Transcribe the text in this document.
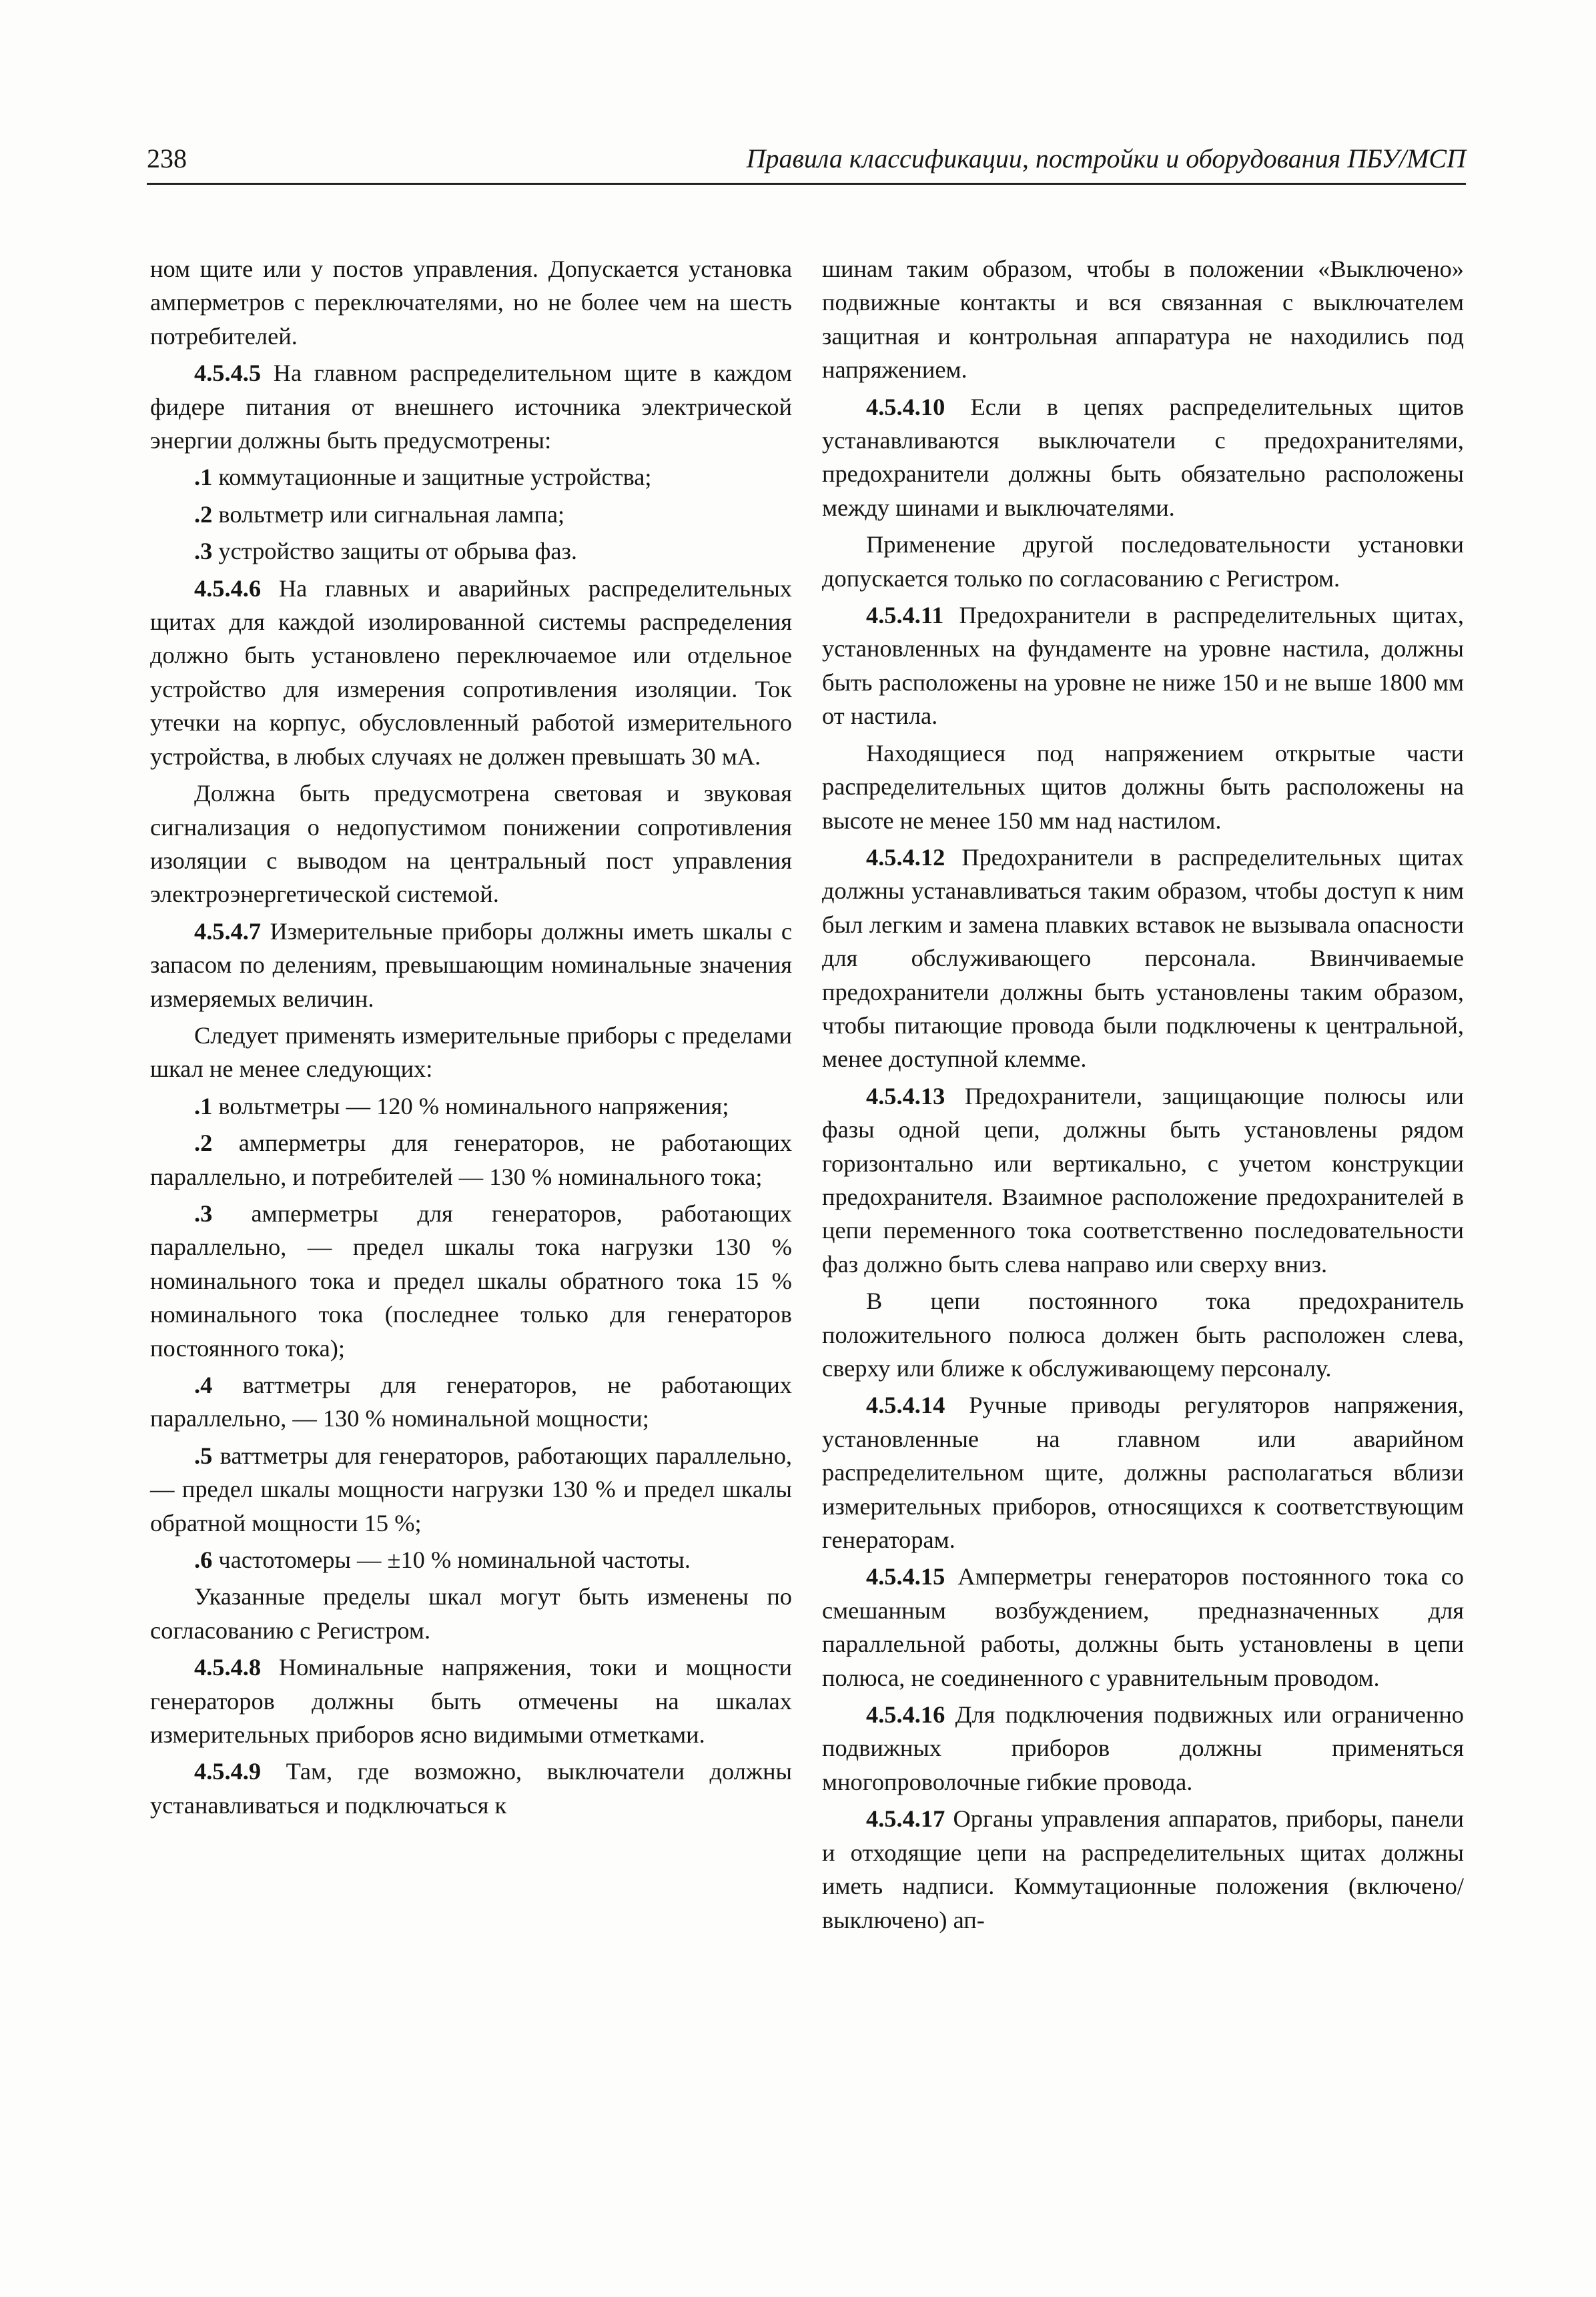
238	Правила классификации, постройки и оборудования ПБУ/МСП

ном щите или у постов управления. Допускается установка амперметров с переключателями, но не более чем на шесть потребителей.

4.5.4.5 На главном распределительном щите в каждом фидере питания от внешнего источника электрической энергии должны быть предусмотрены:

.1 коммутационные и защитные устройства;

.2 вольтметр или сигнальная лампа;

.3 устройство защиты от обрыва фаз.

4.5.4.6 На главных и аварийных распределительных щитах для каждой изолированной системы распределения должно быть установлено переключаемое или отдельное устройство для измерения сопротивления изоляции. Ток утечки на корпус, обусловленный работой измерительного устройства, в любых случаях не должен превышать 30 мА.

Должна быть предусмотрена световая и звуковая сигнализация о недопустимом понижении сопротивления изоляции с выводом на центральный пост управления электроэнергетической системой.

4.5.4.7 Измерительные приборы должны иметь шкалы с запасом по делениям, превышающим номинальные значения измеряемых величин.

Следует применять измерительные приборы с пределами шкал не менее следующих:

.1 вольтметры — 120 % номинального напряжения;

.2 амперметры для генераторов, не работающих параллельно, и потребителей — 130 % номинального тока;

.3 амперметры для генераторов, работающих параллельно, — предел шкалы тока нагрузки 130 % номинального тока и предел шкалы обратного тока 15 % номинального тока (последнее только для генераторов постоянного тока);

.4 ваттметры для генераторов, не работающих параллельно, — 130 % номинальной мощности;

.5 ваттметры для генераторов, работающих параллельно, — предел шкалы мощности нагрузки 130 % и предел шкалы обратной мощности 15 %;

.6 частотомеры — ±10 % номинальной частоты.

Указанные пределы шкал могут быть изменены по согласованию с Регистром.

4.5.4.8 Номинальные напряжения, токи и мощности генераторов должны быть отмечены на шкалах измерительных приборов ясно видимыми отметками.

4.5.4.9 Там, где возможно, выключатели должны устанавливаться и подключаться к

шинам таким образом, чтобы в положении «Выключено» подвижные контакты и вся связанная с выключателем защитная и контрольная аппаратура не находились под напряжением.

4.5.4.10 Если в цепях распределительных щитов устанавливаются выключатели с предохранителями, предохранители должны быть обязательно расположены между шинами и выключателями.

Применение другой последовательности установки допускается только по согласованию с Регистром.

4.5.4.11 Предохранители в распределительных щитах, установленных на фундаменте на уровне настила, должны быть расположены на уровне не ниже 150 и не выше 1800 мм от настила.

Находящиеся под напряжением открытые части распределительных щитов должны быть расположены на высоте не менее 150 мм над настилом.

4.5.4.12 Предохранители в распределительных щитах должны устанавливаться таким образом, чтобы доступ к ним был легким и замена плавких вставок не вызывала опасности для обслуживающего персонала. Ввинчиваемые предохранители должны быть установлены таким образом, чтобы питающие провода были подключены к центральной, менее доступной клемме.

4.5.4.13 Предохранители, защищающие полюсы или фазы одной цепи, должны быть установлены рядом горизонтально или вертикально, с учетом конструкции предохранителя. Взаимное расположение предохранителей в цепи переменного тока соответственно последовательности фаз должно быть слева направо или сверху вниз.

В цепи постоянного тока предохранитель положительного полюса должен быть расположен слева, сверху или ближе к обслуживающему персоналу.

4.5.4.14 Ручные приводы регуляторов напряжения, установленные на главном или аварийном распределительном щите, должны располагаться вблизи измерительных приборов, относящихся к соответствующим генераторам.

4.5.4.15 Амперметры генераторов постоянного тока со смешанным возбуждением, предназначенных для параллельной работы, должны быть установлены в цепи полюса, не соединенного с уравнительным проводом.

4.5.4.16 Для подключения подвижных или ограниченно подвижных приборов должны применяться многопроволочные гибкие провода.

4.5.4.17 Органы управления аппаратов, приборы, панели и отходящие цепи на распределительных щитах должны иметь надписи. Коммутационные положения (включено/выключено) ап-
